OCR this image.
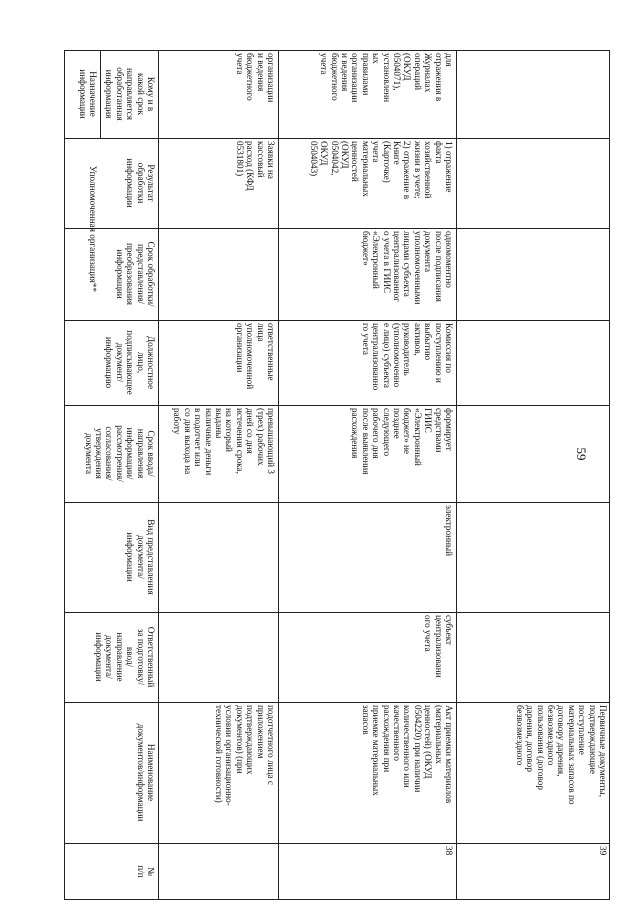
59
№
п/п
Наименование
документов/информации
Ответственный
за подготовку/
ввод/
направление
документа/
информации
Вид представления
документа/
информации
Срок ввода/
направления
информации/
рассмотрения/
согласования/
утверждения
документа
Должностное
лицо,
подписывающее
документ/
информацию
Срок обработки/
представления/
преобразования
информации
Результат
обработки
информации
Назначение
информации	Кому и в
какой срок
направляется
обработанная
информация
Уполномоченная организация**
подотчетного лица с
приложением
подтверждающих
документов) (при
условии организационно-
технической готовности)
превышающий 3
(трех) рабочих
дней со дня
истечения срока,
на который
выданы
наличные деньги
в подотчет или
со дня выхода на
работу
ответственные
лица
уполномоченной
организации
Заявки на
кассовый
расход (КФД
0531801)
организации
и ведения
бюджетного
учета
38
Акт приемки материалов
(материальных
ценностей) (ОКУД
0504220) при наличии
количественного или
качественного
расхождения при
приемке материальных
запасов
субъект
централизовани
ого учета
электронный
формирует
средствами
ГИИС
«Электронный
бюджет» не
позднее
следующего
рабочего дня
после выявления
расхождения
Комиссия по
поступлению и
выбытию
активов,
руководитель
(уполномоченно
е лицо) субъекта
централизованно
го учета
одномоментно
после подписания
документа
уполномоченными
лицами субъекта
централизованног
о учета в ГИИС
«Электронный
бюджет»
1) отражение
факта
хозяйственной
жизни в учете;
2) отражение в
Книге
(Карточке)
учета
материальных
ценностей
(ОКУД
0504042,
ОКУД
0504043)
для
отражения в
Журналах
операций
(ОКУД
0504071),
установленн
ых
правилами
организации
и ведения
бюджетного
учета
39
Первичные документы,
подтверждающие
поступление
материальных запасов по
договору дарения,
безвозмездного
пользования (договор
дарения, договор
безвозмездного
